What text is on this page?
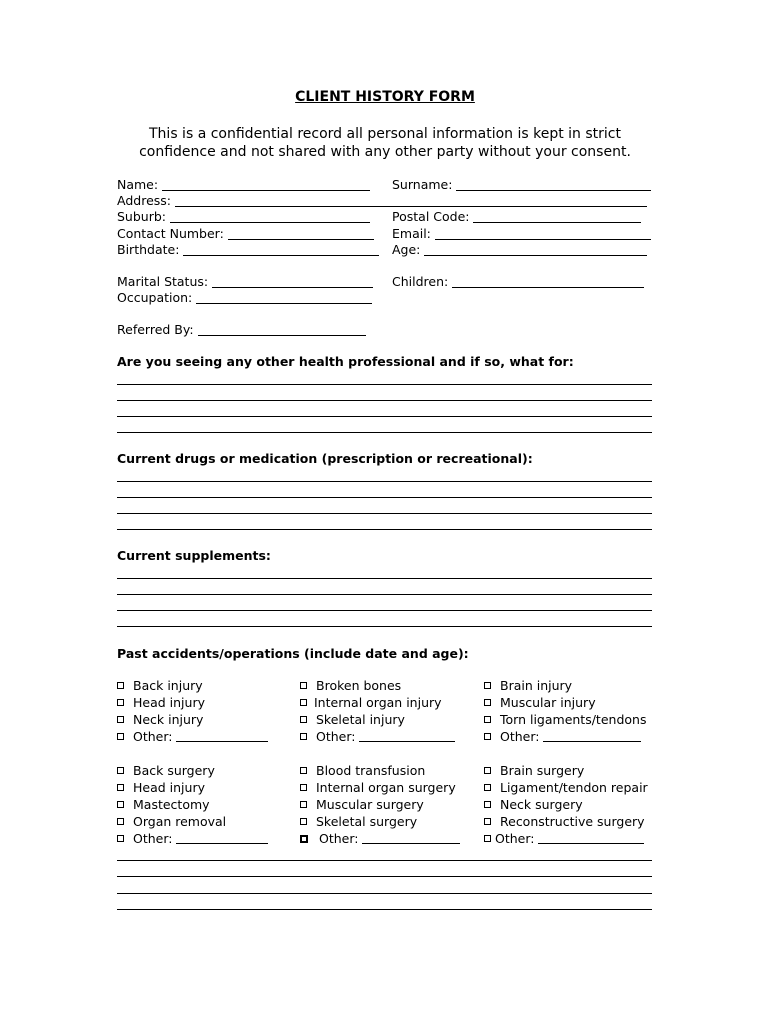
CLIENT HISTORY FORM
This is a confidential record all personal information is kept in strict
confidence and not shared with any other party without your consent.
Name:	Surname:
Address:
Suburb:	Postal Code:
Contact Number:	Email:
Birthdate:	Age:
Marital Status:	Children:
Occupation:
Referred By:
Are you seeing any other health professional and if so, what for:
Current drugs or medication (prescription or recreational):
Current supplements:
Past accidents/operations (include date and age):
Back injury
Head injury
Neck injury
Other:
Broken bones
Internal organ injury
Skeletal injury
Other:
Brain injury
Muscular injury
Torn ligaments/tendons
Other:
Back surgery
Head injury
Mastectomy
Organ removal
Other:
Blood transfusion
Internal organ surgery
Muscular surgery
Skeletal surgery
Other:
Brain surgery
Ligament/tendon repair
Neck surgery
Reconstructive surgery
Other:
